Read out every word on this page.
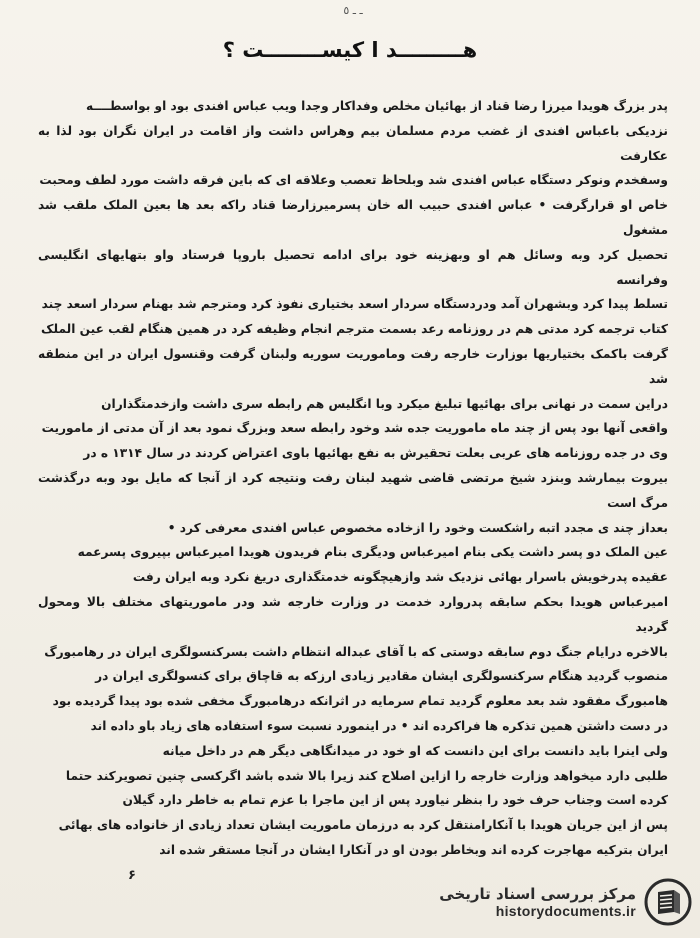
ـ ـ ٥
هـــــــــد ا کیســــــــت ؟
پدر بزرگ هویدا میرزا رضا قناد از بهائیان مخلص وفداکار وجدا ویب عباس افندی بود او بواسطــــه
نزدیکی باعباس افندی از غضب مردم مسلمان بیم وهراس داشت واز اقامت در ایران نگران بود لذا به عکارفت
وسفخدم ونوکر دستگاه عباس افندی شد وبلحاظ تعصب وعلاقه ای که باین فرقه داشت مورد لطف ومحبت
خاص او قرارگرفت • عباس افندی حبیب اله خان پسرمیرزارضا قناد راکه بعد ها بعین الملک ملقب شد مشغول
تحصیل کرد وبه وسائل هم او وبهزینه خود برای ادامه تحصیل باروپا فرستاد واو بتهایهای انگلیسی وفرانسه
تسلط پیدا کرد وبشهران آمد ودردستگاه سردار اسعد بختیاری نفوذ کرد ومترجم شد بهنام سردار اسعد چند
کتاب ترجمه کرد مدتی هم در روزنامه رعد بسمت مترجم انجام وظیفه کرد در همین هنگام لقب عین الملک
گرفت باکمک بختیاریها بوزارت خارجه رفت وماموریت سوریه ولبنان گرفت وقنسول ایران در این منطقه شد
دراین سمت در نهانی برای بهائیها تبلیغ میکرد وبا انگلیس هم رابطه سری داشت وازخدمتگذاران
واقعی آنها بود پس از چند ماه ماموریت جده شد وخود رابطه سعد وبزرگ نمود بعد از آن مدتی از ماموریت
وی در جده روزنامه های عربی بعلت تحقیرش به نفع بهائیها باوی اعتراض کردند در سال ۱۳۱۴ ه در
بیروت بیمارشد وبنزد شیخ مرتضی قاضی شهید لبنان رفت ونتیجه کرد از آنجا که مایل بود وبه درگذشت مرگ است
بعداز چند ی مجدد اتبه راشکست وخود را ازخاده مخصوص عباس افندی معرفی کرد •
عین الملک دو پسر داشت یکی بنام امیرعباس ودیگری بنام فریدون هویدا امیرعباس بپیروی پسرعمه
عقیده پدرخویش باسرار بهائی نزدیک شد وازهیچگونه خدمتگذاری دریغ نکرد وبه ایران رفت
امیرعباس هویدا بحکم سابقه پدروارد خدمت در وزارت خارجه شد ودر ماموریتهای مختلف بالا ومحول گردید
بالاخره درایام جنگ دوم سابقه دوستی که با آقای عبداله انتظام داشت بسرکنسولگری ایران در رهامبورگ
منصوب گردید هنگام سرکنسولگری ایشان مقادیر زیادی ارزکه به قاچاق برای کنسولگری ایران در
هامبورگ مفقود شد بعد معلوم گردید تمام سرمایه در اثرانکه درهامبورگ مخفی شده بود پیدا گردیده بود
در دست داشتن همین تذکره ها فراکرده اند • در اینمورد نسبت سوء استفاده های زیاد باو داده اند
ولی اینرا باید دانست برای این دانست که او خود در میدانگاهی دیگر هم در داخل میانه
طلبی دارد میخواهد وزارت خارجه را ازاین اصلاح کند زیرا بالا شده باشد اگرکسی چنین تصویرکند حتما
کرده است وجناب حرف خود را بنظر نیاورد پس از این ماجرا با عزم تمام به خاطر دارد گیلان
پس از این جریان هویدا با آنکارامنتقل کرد به درزمان ماموریت ایشان تعداد زیادی از خانواده های بهائی
ایران بترکیه مهاجرت کرده اند وبخاطر بودن او در آنکارا ایشان در آنجا مستقر شده اند

۶
مرکز بررسی اسناد تاریخی
historydocuments.ir
